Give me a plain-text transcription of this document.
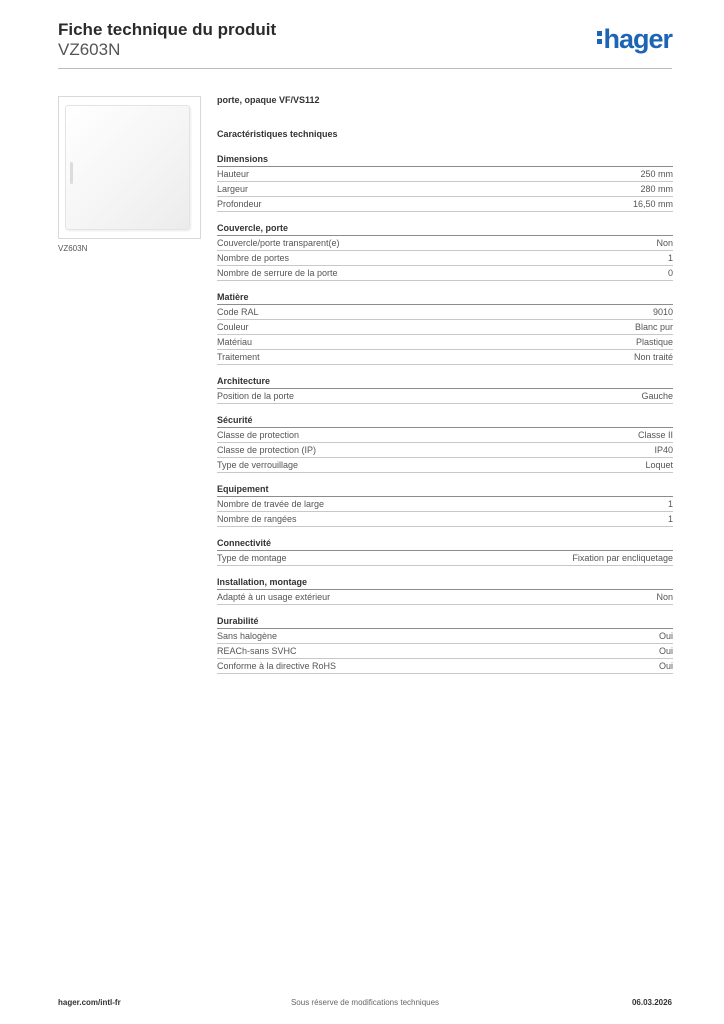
Fiche technique du produit
VZ603N	hager
VZ603N
porte, opaque VF/VS112
Caractéristiques techniques
Dimensions
Hauteur	250 mm
Largeur	280 mm
Profondeur	16,50 mm
Couvercle, porte
Couvercle/porte transparent(e)	Non
Nombre de portes	1
Nombre de serrure de la porte	0
Matière
Code RAL	9010
Couleur	Blanc pur
Matériau	Plastique
Traitement	Non traité
Architecture
Position de la porte	Gauche
Sécurité
Classe de protection	Classe II
Classe de protection (IP)	IP40
Type de verrouillage	Loquet
Equipement
Nombre de travée de large	1
Nombre de rangées	1
Connectivité
Type de montage	Fixation par encliquetage
Installation, montage
Adapté à un usage extérieur	Non
Durabilité
Sans halogène	Oui
REACh-sans SVHC	Oui
Conforme à la directive RoHS	Oui
hager.com/intl-fr	Sous réserve de modifications techniques	06.03.2026
